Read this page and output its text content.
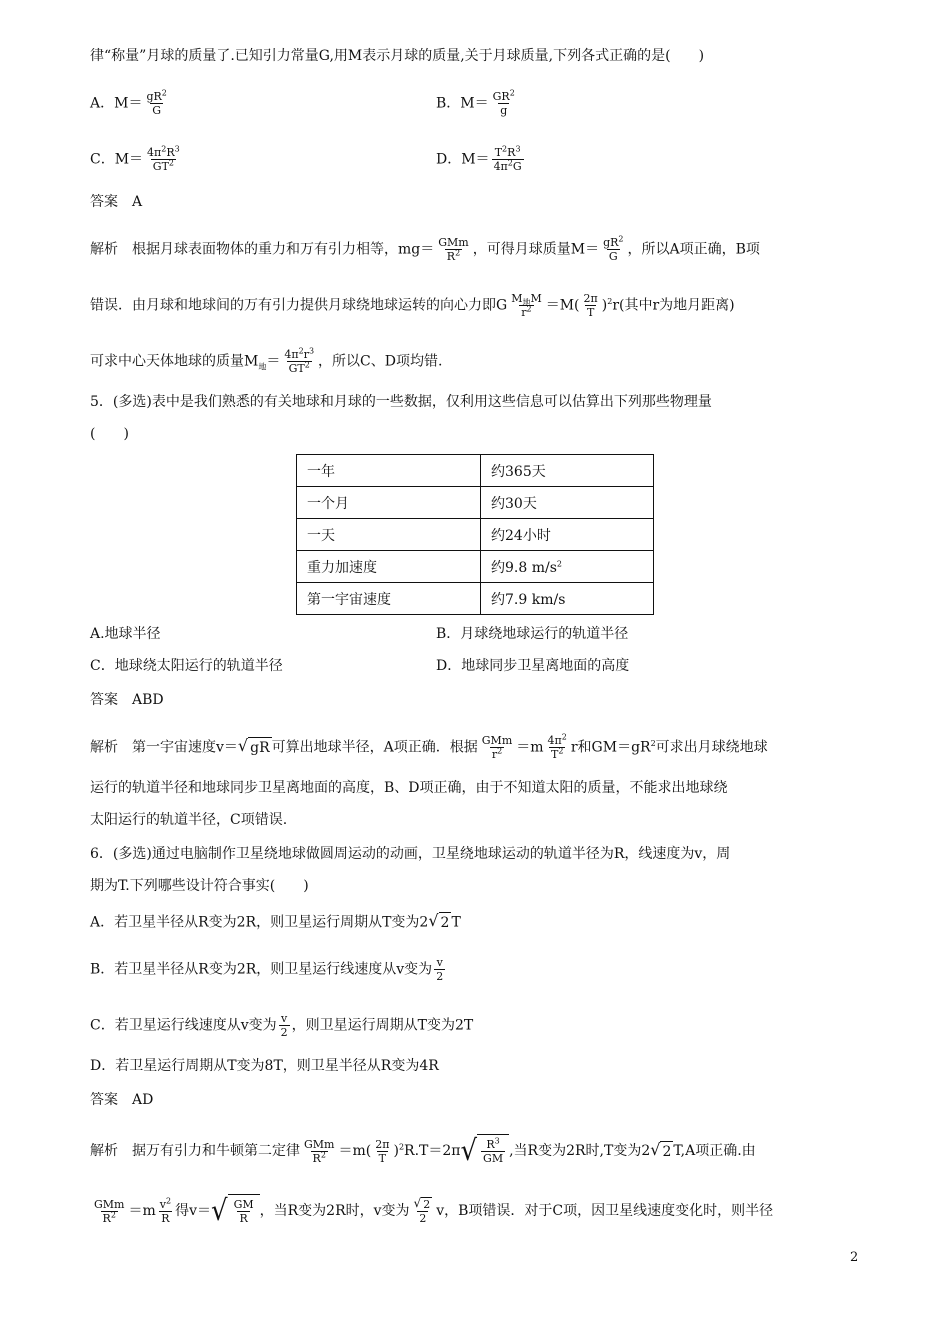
律“称量”月球的质量了.已知引力常量G,用M表示月球的质量,关于月球质量,下列各式正确的是(　　)
A．$M= \frac{gR^2}{G}$	B．$M= \frac{GR^2}{g}$
C．$M= \frac{4\pi^2R^3}{GT^2}$	D．$M= \frac{T^2R^3}{4\pi^2G}$
答案　A
解析　根据月球表面物体的重力和万有引力相等，$mg= \frac{\text{GMm}}{R^2}$ ，可得月球质量$M= \frac{gR^2}{G}$ ，所以A项正确，B项
错误．由月球和地球间的万有引力提供月球绕地球运转的向心力即G $\frac{M_地M}{r^2} =M( \frac{2\pi}{T} )^2r$(其中r为地月距离)
可求中心天体地球的质量$M_地= \frac{4\pi^2r^3}{GT^2}$ ，所以C、D项均错.
5．(多选)表中是我们熟悉的有关地球和月球的一些数据，仅利用这些信息可以估算出下列那些物理量
(　　)
一年	约365天
一个月	约30天
一天	约24小时
重力加速度	约9.8 $m/s^2$
第一宇宙速度	约7.9 km/s
A.地球半径	B．月球绕地球运行的轨道半径
C．地球绕太阳运行的轨道半径	D．地球同步卫星离地面的高度
答案　ABD
解析　第一宇宙速度v＝ √ gR 可算出地球半径，A项正确．根据 $\frac{\text{GMm}}{r^2} =m \frac{4\pi^2}{T^2}$ r和$GM=gR^2$可求出月球绕地球
运行的轨道半径和地球同步卫星离地面的高度，B、D项正确，由于不知道太阳的质量，不能求出地球绕
太阳运行的轨道半径，C项错误.
6．(多选)通过电脑制作卫星绕地球做圆周运动的动画，卫星绕地球运动的轨道半径为R，线速度为v，周
期为T.下列哪些设计符合事实(　　)
A．若卫星半径从R变为2R，则卫星运行周期从T变为2 √ 2 T
B．若卫星半径从R变为2R，则卫星运行线速度从v变为 $\frac{v}{2}$
C．若卫星运行线速度从v变为 $\frac{v}{2}$ ，则卫星运行周期从T变为2T
D．若卫星运行周期从T变为8T，则卫星半径从R变为4R
答案　AD
解析　据万有引力和牛顿第二定律 $\frac{\text{GMm}}{R^2} =m( \frac{2\pi}{T} )^2R.T=2\pi$ √ $\frac{R^3}{GM}$ ,当R变为2R时,T变为2 √ 2 T,A项正确.由
$\frac{\text{GMm}}{R^2} =m \frac{v^2}{R}$ 得v＝ √ $\frac{GM}{R}$ ，当R变为2R时，v变为 $\frac{√ 2}{2}$ v，B项错误．对于C项，因卫星线速度变化时，则半径
2
